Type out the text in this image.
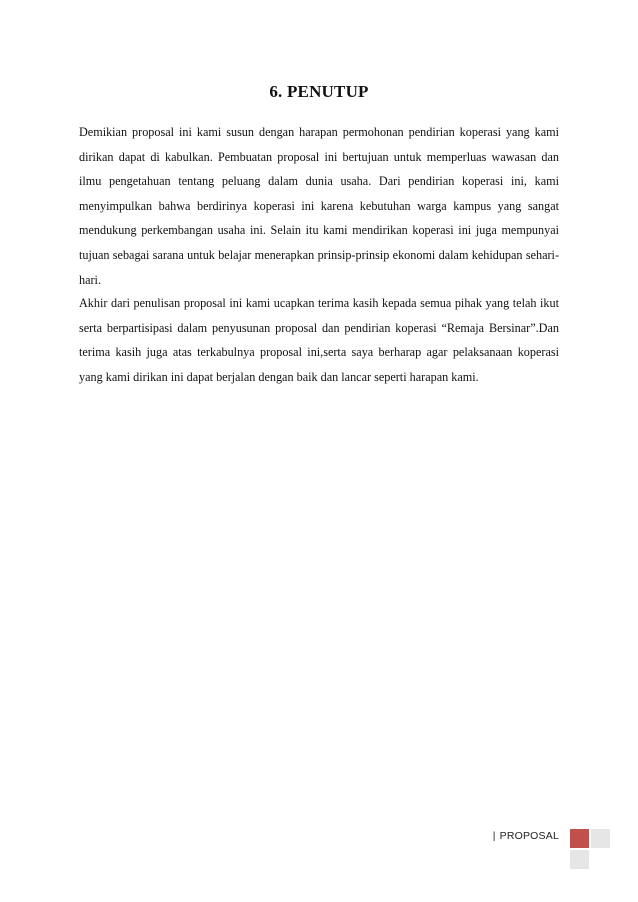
6. PENUTUP

Demikian proposal ini kami susun dengan harapan permohonan pendirian koperasi yang kami dirikan dapat di kabulkan. Pembuatan proposal ini bertujuan untuk memperluas wawasan dan ilmu pengetahuan tentang peluang dalam dunia usaha. Dari pendirian koperasi ini, kami menyimpulkan bahwa berdirinya koperasi ini karena kebutuhan warga kampus yang sangat mendukung perkembangan usaha ini. Selain itu kami mendirikan koperasi ini juga mempunyai tujuan sebagai sarana untuk belajar menerapkan prinsip-prinsip ekonomi dalam kehidupan sehari-hari.

Akhir dari penulisan proposal ini kami ucapkan terima kasih kepada semua pihak yang telah ikut serta berpartisipasi dalam penyusunan proposal dan pendirian koperasi “Remaja Bersinar”.Dan terima kasih juga atas terkabulnya proposal ini,serta saya berharap agar pelaksanaan koperasi yang kami dirikan ini dapat berjalan dengan baik dan lancar seperti harapan kami.

| PROPOSAL
